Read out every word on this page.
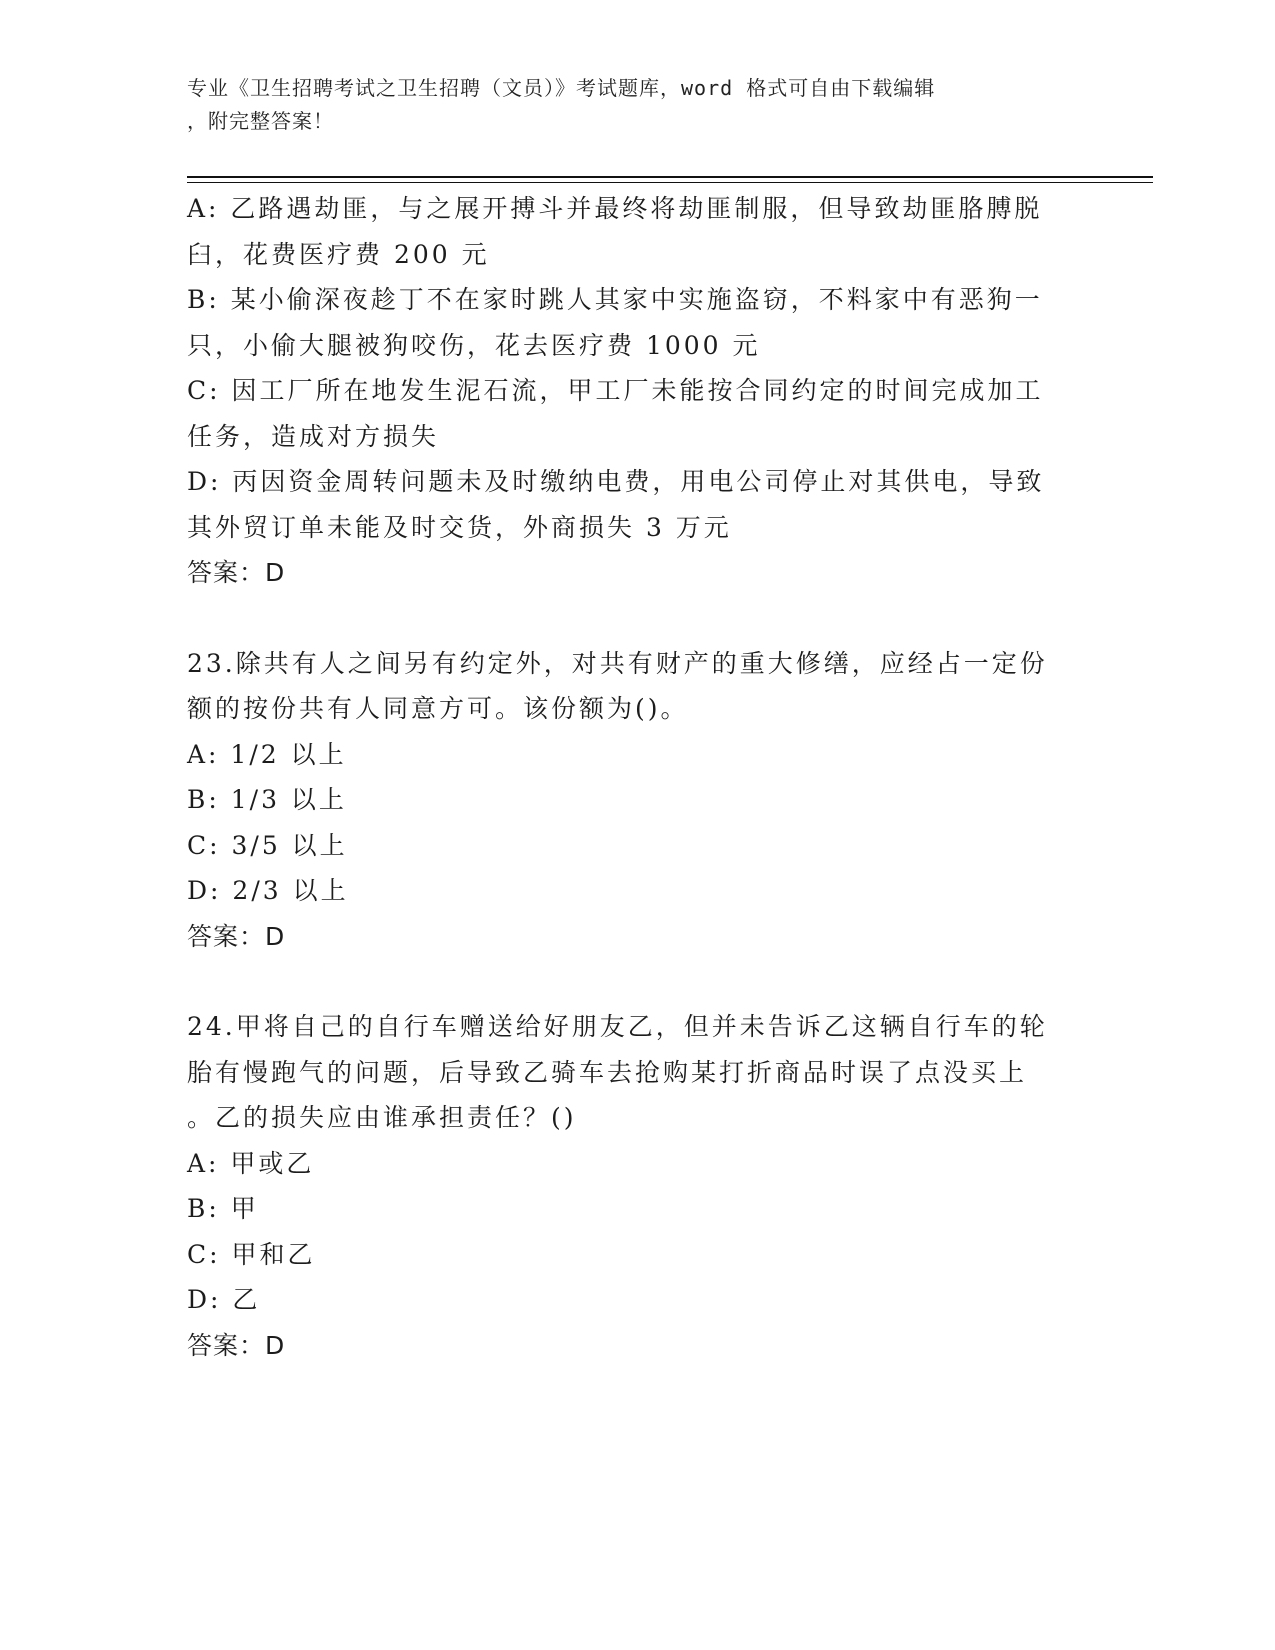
专业《卫生招聘考试之卫生招聘（文员）》考试题库，word 格式可自由下载编辑
，附完整答案！

A: 乙路遇劫匪，与之展开搏斗并最终将劫匪制服，但导致劫匪胳膊脱

臼，花费医疗费 200 元

B: 某小偷深夜趁丁不在家时跳人其家中实施盗窃，不料家中有恶狗一

只，小偷大腿被狗咬伤，花去医疗费 1000 元

C: 因工厂所在地发生泥石流，甲工厂未能按合同约定的时间完成加工

任务，造成对方损失

D: 丙因资金周转问题未及时缴纳电费，用电公司停止对其供电，导致

其外贸订单未能及时交货，外商损失 3 万元

答案：D

23.除共有人之间另有约定外，对共有财产的重大修缮，应经占一定份

额的按份共有人同意方可。该份额为()。

A: 1/2 以上

B: 1/3 以上

C: 3/5 以上

D: 2/3 以上

答案：D

24.甲将自己的自行车赠送给好朋友乙，但并未告诉乙这辆自行车的轮

胎有慢跑气的问题，后导致乙骑车去抢购某打折商品时误了点没买上

。乙的损失应由谁承担责任？()

A: 甲或乙

B: 甲

C: 甲和乙

D: 乙

答案：D
